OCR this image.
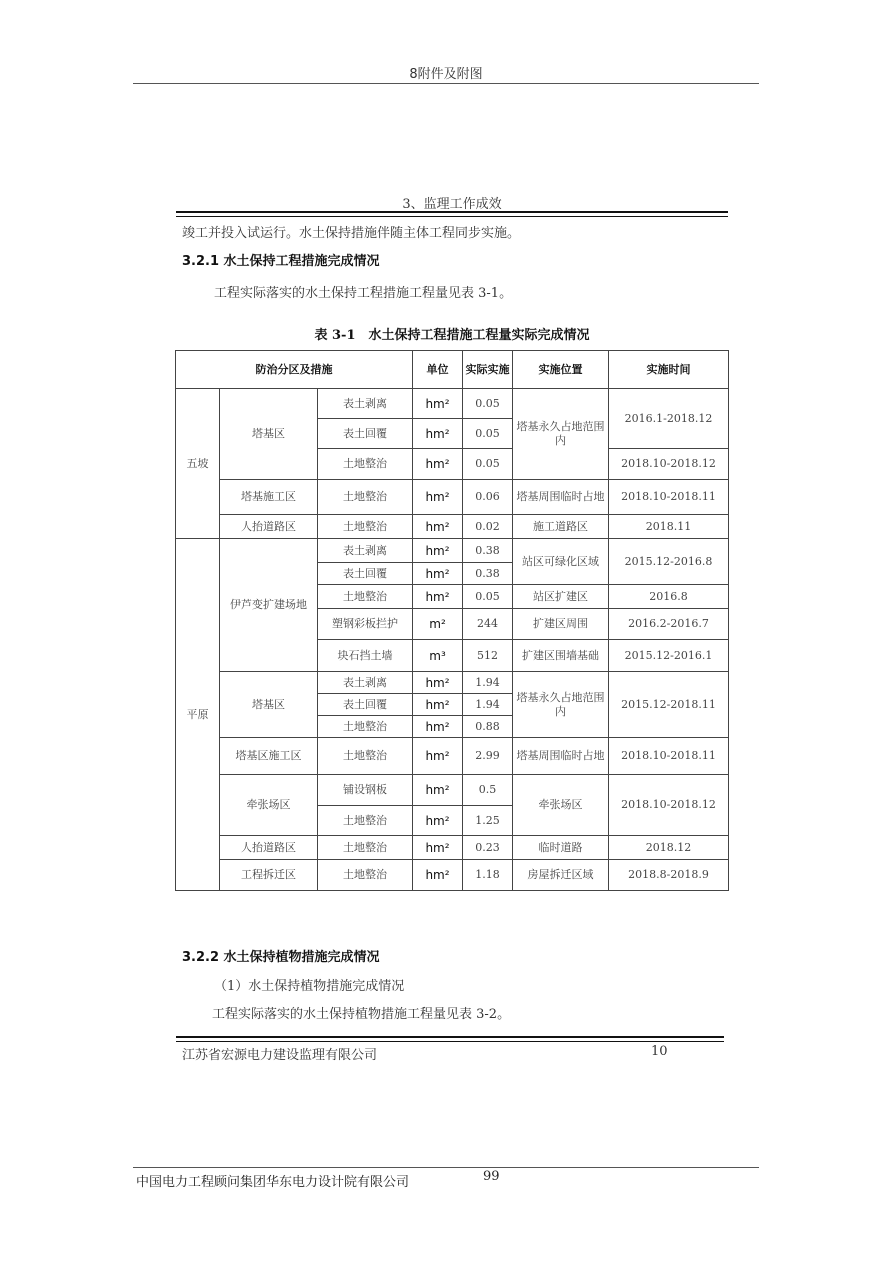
8附件及附图
3、监理工作成效
竣工并投入试运行。水土保持措施伴随主体工程同步实施。
3.2.1 水土保持工程措施完成情况
工程实际落实的水土保持工程措施工程量见表 3-1。
表 3-1　水土保持工程措施工程量实际完成情况
防治分区及措施			单位	实际实施	实施位置	实施时间
五坡	塔基区	表土剥离	hm²	0.05	塔基永久占地范围内	2016.1-2018.12
		表土回覆	hm²	0.05		
		土地整治	hm²	0.05		2018.10-2018.12
	塔基施工区	土地整治	hm²	0.06	塔基周围临时占地	2018.10-2018.11
	人抬道路区	土地整治	hm²	0.02	施工道路区	2018.11
平原	伊芦变扩建场地	表土剥离	hm²	0.38	站区可绿化区域	2015.12-2016.8
		表土回覆	hm²	0.38		
		土地整治	hm²	0.05	站区扩建区	2016.8
		塑钢彩板拦护	m²	244	扩建区周围	2016.2-2016.7
		块石挡土墙	m³	512	扩建区围墙基础	2015.12-2016.1
	塔基区	表土剥离	hm²	1.94	塔基永久占地范围内	2015.12-2018.11
		表土回覆	hm²	1.94		
		土地整治	hm²	0.88		
	塔基区施工区	土地整治	hm²	2.99	塔基周围临时占地	2018.10-2018.11
	牵张场区	铺设钢板	hm²	0.5	牵张场区	2018.10-2018.12
		土地整治	hm²	1.25		
	人抬道路区	土地整治	hm²	0.23	临时道路	2018.12
	工程拆迁区	土地整治	hm²	1.18	房屋拆迁区域	2018.8-2018.9
3.2.2 水土保持植物措施完成情况
（1）水土保持植物措施完成情况
工程实际落实的水土保持植物措施工程量见表 3-2。
江苏省宏源电力建设监理有限公司	10
中国电力工程顾问集团华东电力设计院有限公司	99
